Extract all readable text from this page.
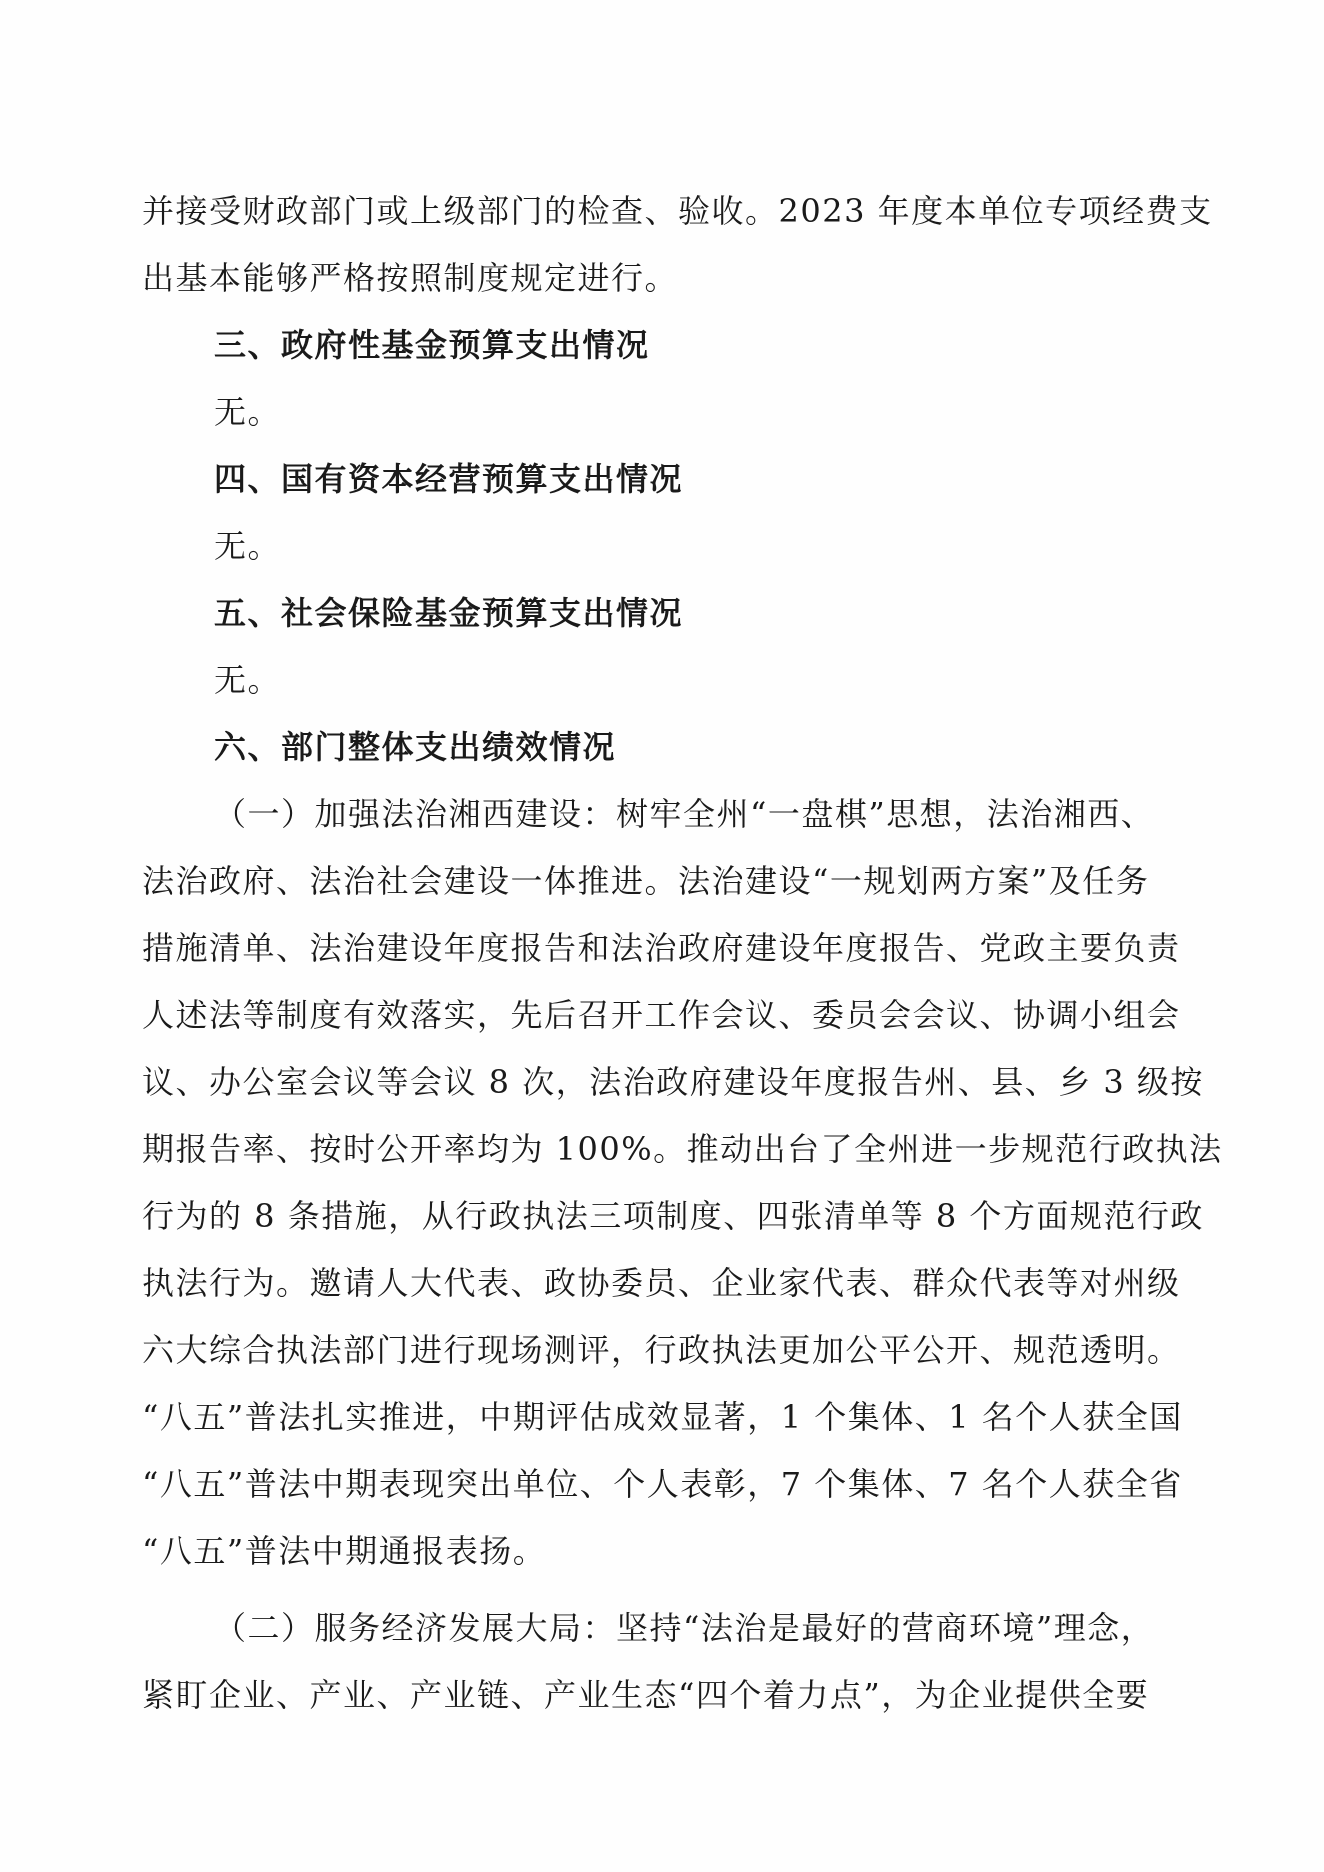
并接受财政部门或上级部门的检查、验收。2023 年度本单位专项经费支
出基本能够严格按照制度规定进行。
三、政府性基金预算支出情况
无。
四、国有资本经营预算支出情况
无。
五、社会保险基金预算支出情况
无。
六、部门整体支出绩效情况
（一）加强法治湘西建设：树牢全州“一盘棋”思想，法治湘西、
法治政府、法治社会建设一体推进。法治建设“一规划两方案”及任务
措施清单、法治建设年度报告和法治政府建设年度报告、党政主要负责
人述法等制度有效落实，先后召开工作会议、委员会会议、协调小组会
议、办公室会议等会议 8 次，法治政府建设年度报告州、县、乡 3 级按
期报告率、按时公开率均为 100%。推动出台了全州进一步规范行政执法
行为的 8 条措施，从行政执法三项制度、四张清单等 8 个方面规范行政
执法行为。邀请人大代表、政协委员、企业家代表、群众代表等对州级
六大综合执法部门进行现场测评，行政执法更加公平公开、规范透明。
“八五”普法扎实推进，中期评估成效显著，1 个集体、1 名个人获全国
“八五”普法中期表现突出单位、个人表彰，7 个集体、7 名个人获全省
“八五”普法中期通报表扬。
（二）服务经济发展大局：坚持“法治是最好的营商环境”理念，
紧盯企业、产业、产业链、产业生态“四个着力点”，为企业提供全要
